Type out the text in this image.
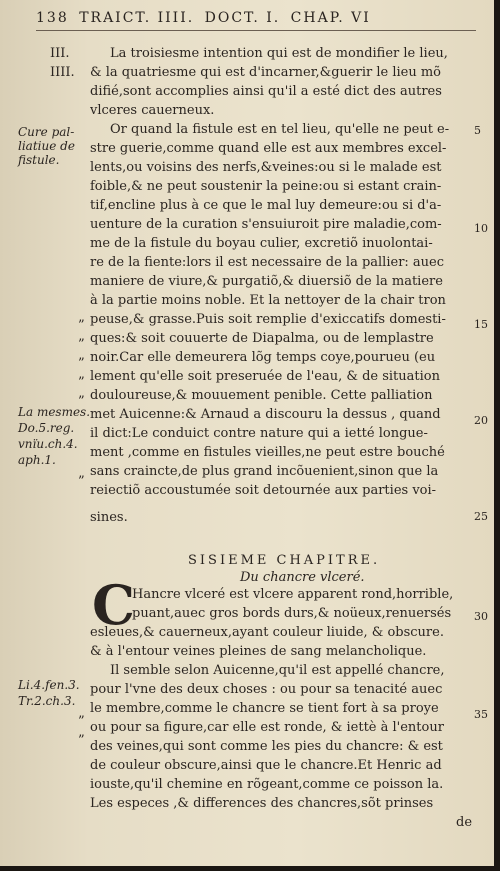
138 TRAICT. IIII. DOCT. I. CHAP. VI
III.
IIII.
Cure pal-
liatiue de
fistule.
La mesmes.
Do.5.reg.
vnïu.ch.4.
aph.1.
Li.4.fen.3.
Tr.2.ch.3.
5
10
15
20
25
30
35
”
”
”
”
”
”
”
”
La troisiesme intention qui est de mondifier le lieu,
& la quatriesme qui est d'incarner,&guerir le lieu mõ
difié,sont accomplies ainsi qu'il a esté dict des autres
vlceres cauerneux.
Or quand la fistule est en tel lieu, qu'elle ne peut e-
stre guerie,comme quand elle est aux membres excel-
lents,ou voisins des nerfs,&veines:ou si le malade est
foible,& ne peut soustenir la peine:ou si estant crain-
tif,encline plus à ce que le mal luy demeure:ou si d'a-
uenture de la curation s'ensuiuroit pire maladie,com-
me de la fistule du boyau culier, excretiõ inuolontai-
re de la fiente:lors il est necessaire de la pallier: auec
maniere de viure,& purgatiõ,& diuersiõ de la matiere
à la partie moins noble. Et la nettoyer de la chair tron
peuse,& grasse.Puis soit remplie d'exiccatifs domesti-
ques:& soit couuerte de Diapalma, ou de lemplastre
noir.Car elle demeurera lõg temps coye,pourueu (eu
lement qu'elle soit preseruée de l'eau, & de situation
douloureuse,& mouuement penible. Cette palliation
met Auicenne:& Arnaud a discouru la dessus , quand
il dict:Le conduict contre nature qui a ietté longue-
ment ,comme en fistules vieilles,ne peut estre bouché
sans craincte,de plus grand incõuenient,sinon que la
reiectiõ accoustumée soit detournée aux parties voi-
sines.
SISIEME CHAPITRE.
Du chancre vlceré.
C
Hancre vlceré est vlcere apparent rond,horrible,
puant,auec gros bords durs,& noüeux,renuersés
esleues,& cauerneux,ayant couleur liuide, & obscure.
& à l'entour veines pleines de sang melancholique.
Il semble selon Auicenne,qu'il est appellé chancre,
pour l'vne des deux choses : ou pour sa tenacité auec
le membre,comme le chancre se tient fort à sa proye
ou pour sa figure,car elle est ronde, & iettè à l'entour
des veines,qui sont comme les pies du chancre: & est
de couleur obscure,ainsi que le chancre.Et Henric ad
iouste,qu'il chemine en rõgeant,comme ce poisson la.
Les especes ,& differences des chancres,sõt prinses
de
